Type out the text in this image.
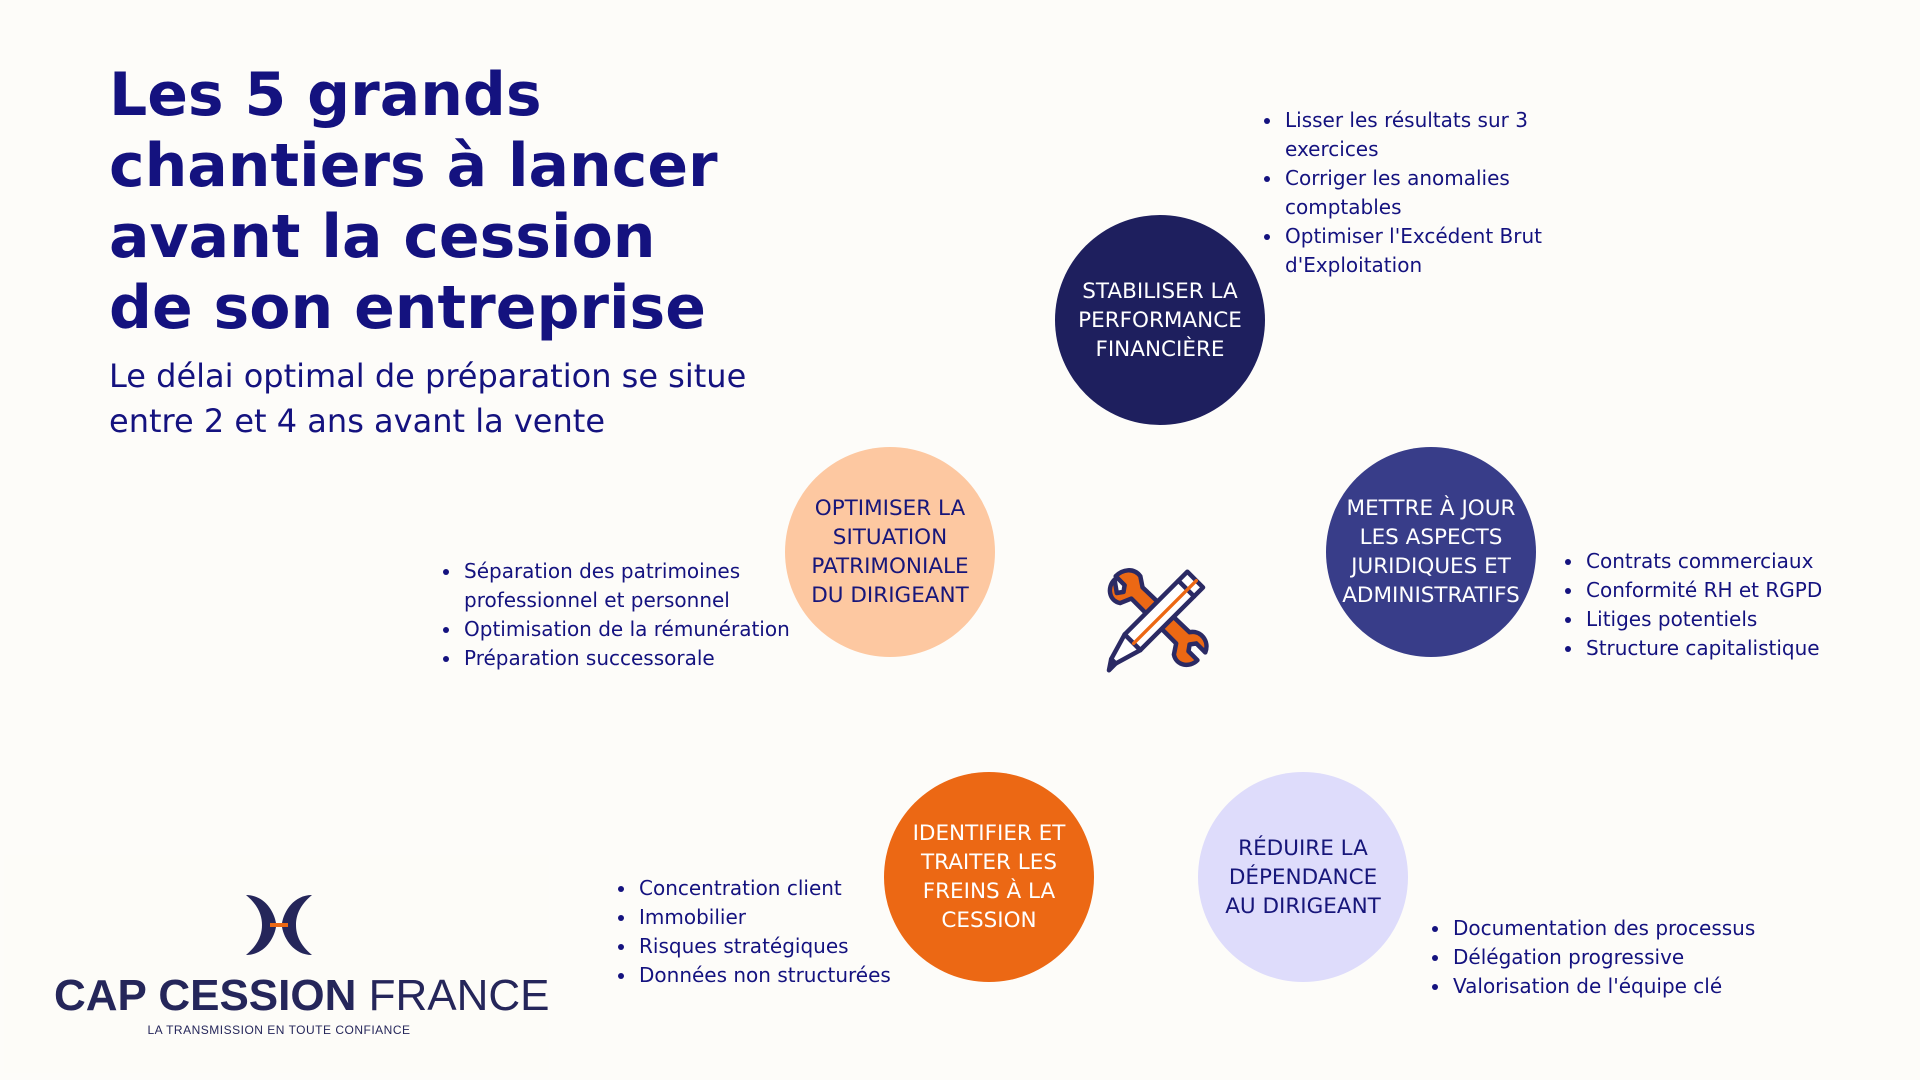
Les 5 grands chantiers à lancer avant la cession de son entreprise

Le délai optimal de préparation se situe entre 2 et 4 ans avant la vente

STABILISER LA
PERFORMANCE
FINANCIÈRE
• Lisser les résultats sur 3 exercices
• Corriger les anomalies comptables
• Optimiser l'Excédent Brut d'Exploitation
OPTIMISER LA
SITUATION
PATRIMONIALE
DU DIRIGEANT
• Séparation des patrimoines professionnel et personnel
• Optimisation de la rémunération
• Préparation successorale
METTRE À JOUR
LES ASPECTS
JURIDIQUES ET
ADMINISTRATIFS
• Contrats commerciaux
• Conformité RH et RGPD
• Litiges potentiels
• Structure capitalistique
IDENTIFIER ET
TRAITER LES
FREINS À LA
CESSION
• Concentration client
• Immobilier
• Risques stratégiques
• Données non structurées
RÉDUIRE LA
DÉPENDANCE
AU DIRIGEANT
• Documentation des processus
• Délégation progressive
• Valorisation de l'équipe clé

CAP CESSION FRANCE

LA TRANSMISSION EN TOUTE CONFIANCE
